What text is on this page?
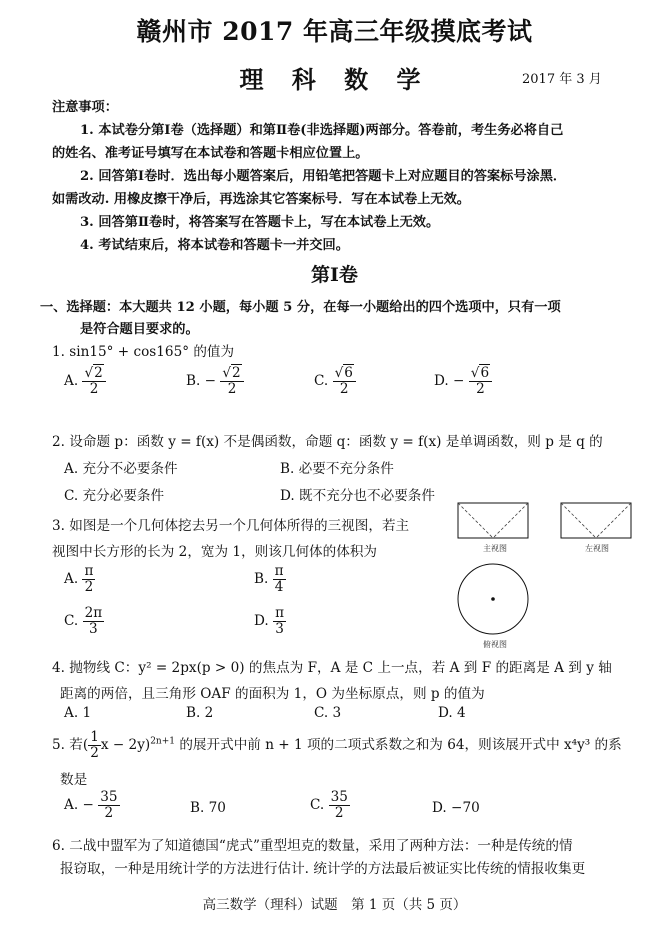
赣州市 2017 年高三年级摸底考试
理 科 数 学	2017 年 3 月
注意事项：
1. 本试卷分第Ⅰ卷（选择题）和第Ⅱ卷(非选择题)两部分。答卷前，考生务必将自己
的姓名、准考证号填写在本试卷和答题卡相应位置上。
2. 回答第Ⅰ卷时．选出每小题答案后，用铅笔把答题卡上对应题目的答案标号涂黑．
如需改动. 用橡皮擦干净后，再选涂其它答案标号．写在本试卷上无效。
3. 回答第Ⅱ卷时，将答案写在答题卡上，写在本试卷上无效。
4. 考试结束后，将本试卷和答题卡一并交回。
第Ⅰ卷
一、选择题：本大题共 12 小题，每小题 5 分，在每一小题给出的四个选项中，只有一项
是符合题目要求的。
1. sin15° + cos165° 的值为
A. $\frac{√2}{2}$	B. − $\frac{√2}{2}$	C. $\frac{√6}{2}$	D. − $\frac{√6}{2}$
2. 设命题 p：函数 y = f(x) 不是偶函数，命题 q：函数 y = f(x) 是单调函数，则 p 是 q 的
A. 充分不必要条件	B. 必要不充分条件
C. 充分必要条件	D. 既不充分也不必要条件
3. 如图是一个几何体挖去另一个几何体所得的三视图，若主
视图中长方形的长为 2，宽为 1，则该几何体的体积为
A. $\frac{\pi}{2}$	B. $\frac{\pi}{4}$
C. $\frac{2\pi}{3}$	D. $\frac{\pi}{3}$
主视图	左视图
俯视图
4. 抛物线 C：y² = 2px(p > 0) 的焦点为 F，A 是 C 上一点，若 A 到 F 的距离是 A 到 y 轴
距离的两倍，且三角形 OAF 的面积为 1，O 为坐标原点，则 p 的值为
A. 1	B. 2	C. 3	D. 4
5. 若( $\frac{1}{2}$ x − 2y)$^{2n+1}$ 的展开式中前 n + 1 项的二项式系数之和为 64，则该展开式中 x⁴y³ 的系
数是
A. − $\frac{35}{2}$	B. 70	C. $\frac{35}{2}$	D. −70
6. 二战中盟军为了知道德国“虎式”重型坦克的数量，采用了两种方法：一种是传统的情
报窃取，一种是用统计学的方法进行估计. 统计学的方法最后被证实比传统的情报收集更
高三数学（理科）试题　第 1 页（共 5 页）
